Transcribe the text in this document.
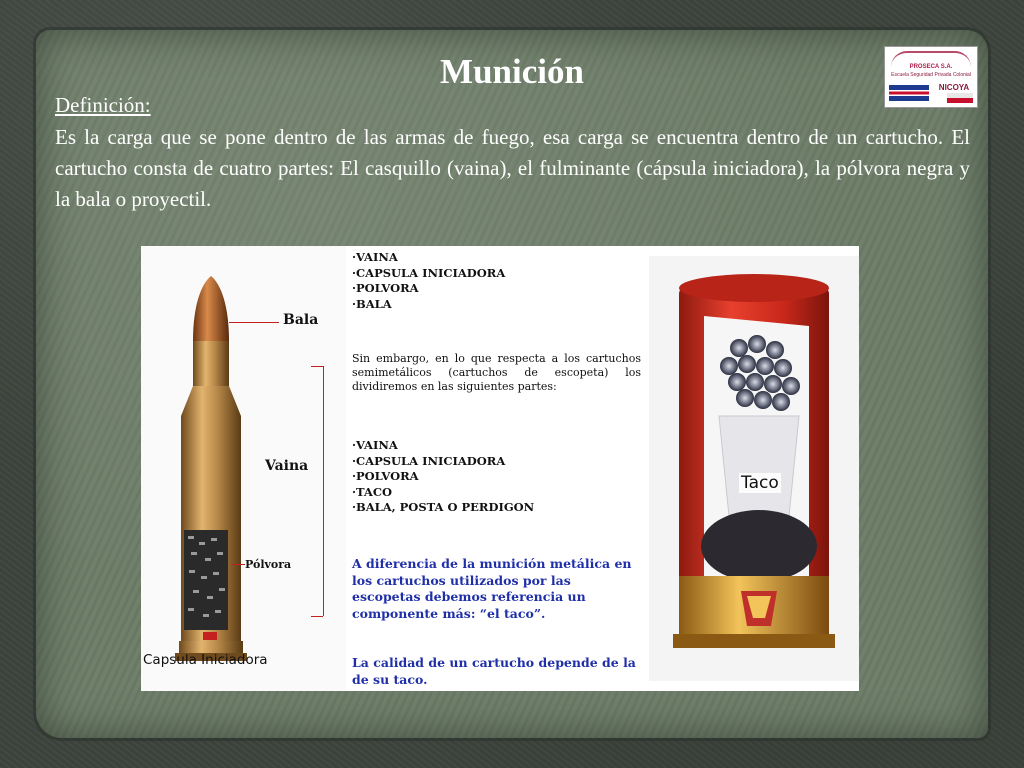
Munición	PROSECA S.A.
Escuela Seguridad Privada Colonial
NICOYA
Definición:
Es la carga que se pone dentro de las armas de fuego, esa carga se encuentra dentro de un cartucho. El cartucho consta de cuatro partes: El casquillo (vaina), el fulminante (cápsula iniciadora), la pólvora negra y la bala o proyectil.
Bala
Vaina
Pólvora
Capsula Iniciadora
·VAINA
·CAPSULA INICIADORA
·POLVORA
·BALA
Sin embargo, en lo que respecta a los cartuchos semimetálicos (cartuchos de escopeta) los dividiremos en las siguientes partes:
·VAINA
·CAPSULA INICIADORA
·POLVORA
·TACO
·BALA, POSTA O PERDIGON
A diferencia de la munición metálica en los cartuchos utilizados por las escopetas debemos referencia un componente más: “el taco”.
La calidad de un cartucho depende de la de su taco.
Taco
